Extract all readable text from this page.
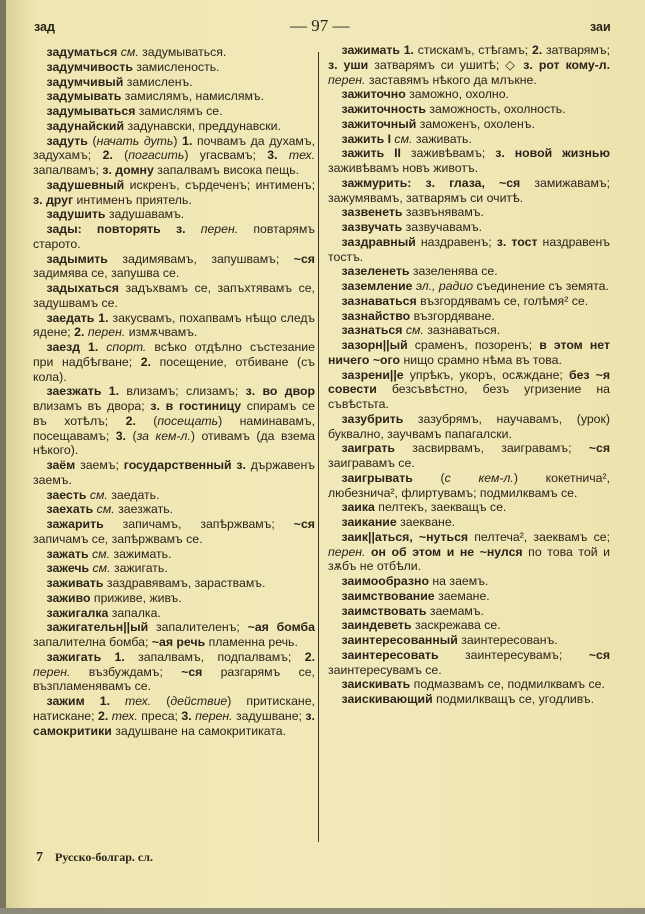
зад	— 97 —	заи

задуматься см. задумываться.

задумчивость замисленость.

задумчивый замисленъ.

задумывать замислямъ, намислямъ.

задумываться замислямъ се.

задунайский задунавски, преддунавски.

задуть (начать дуть) 1. почвамъ да духамъ, задухамъ; 2. (погасить) угасвамъ; 3. тех. запалвамъ; з. домну запалвамъ висока пещь.

задушевный искренъ, сърдеченъ; интименъ; з. друг интименъ приятель.

задушить задушавамъ.

зады: повторять з. перен. повтарямъ старото.

задымить задимявамъ, запушвамъ; ~ся задимява се, запушва се.

задыхаться задъхвамъ се, запъхтявамъ се, задушвамъ се.

заедать 1. закусвамъ, похапвамъ нѣщо следъ ядене; 2. перен. измѫчвамъ.

заезд 1. спорт. всѣко отдѣлно състезание при надбѣгване; 2. посещение, отбиване (съ кола).

заезжать 1. влизамъ; слизамъ; з. во двор влизамъ въ двора; з. в гостиницу спирамъ се въ хотѣлъ; 2. (посещать) наминавамъ, посещавамъ; 3. (за кем-л.) отивамъ (да взема нѣкого).

заём заемъ; государственный з. държавенъ заемъ.

заесть см. заедать.

заехать см. заезжать.

зажарить запичамъ, запѣржвамъ; ~ся запичамъ се, запѣржвамъ се.

зажать см. зажимать.

зажечь см. зажигать.

заживать заздравявамъ, зараствамъ.

заживо приживе, живъ.

зажигалка запалка.

зажигательн||ый запалителенъ; ~ая бомба запалителна бомба; ~ая речь пламенна речь.

зажигать 1. запалвамъ, подпалвамъ; 2. перен. възбуждамъ; ~ся разгарямъ се, възпламенявамъ се.

зажим 1. тех. (действие) притискане, натискане; 2. тех. преса; 3. перен. задушване; з. самокритики задушване на самокритиката.

зажимать 1. стискамъ, стѣгамъ; 2. затварямъ; з. уши затварямъ си ушитѣ; ◇ з. рот кому-л. перен. заставямъ нѣкого да млъкне.

зажиточно заможно, охолно.

зажиточность заможность, охолность.

зажиточный заможенъ, охоленъ.

зажить I см. заживать.

зажить II заживѣвамъ; з. новой жизнью заживѣвамъ новъ животъ.

зажмурить: з. глаза, ~ся замижавамъ; зажумявамъ, затварямъ си очитѣ.

зазвенеть зазвънявамъ.

зазвучать зазвучавамъ.

заздравный наздравенъ; з. тост наздравенъ тостъ.

зазеленеть зазеленява се.

заземление эл., радио съединение съ земята.

зазнаваться възгордявамъ се, голѣмя² се.

зазнайство възгордяване.

зазнаться см. зазнаваться.

зазорн||ый сраменъ, позоренъ; в этом нет ничего ~ого нищо срамно нѣма въ това.

зазрени||е упрѣкъ, укоръ, осѫждане; без ~я совести безсъвѣстно, безъ угризение на съвѣстьта.

зазубрить зазубрямъ, научавамъ, (урок) буквално, заучвамъ папагалски.

заиграть засвирвамъ, заигравамъ; ~ся заигравамъ се.

заигрывать (с кем-л.) кокетнича², любезнича², флиртувамъ; подмилквамъ се.

заика пелтекъ, заекващъ се.

заикание заекване.

заик||аться, ~нуться пелтеча², заеквамъ се; перен. он об этом и не ~нулся по това той и зѫбъ не отбѣли.

заимообразно на заемъ.

заимствование заемане.

заимствовать заемамъ.

заиндеветь заскрежава се.

заинтересованный заинтересованъ.

заинтересовать заинтересувамъ; ~ся заинтересувамъ се.

заискивать подмазвамъ се, подмилквамъ се.

заискивающий подмилкващъ се, угодливъ.

7 Русско-болгар. сл.
